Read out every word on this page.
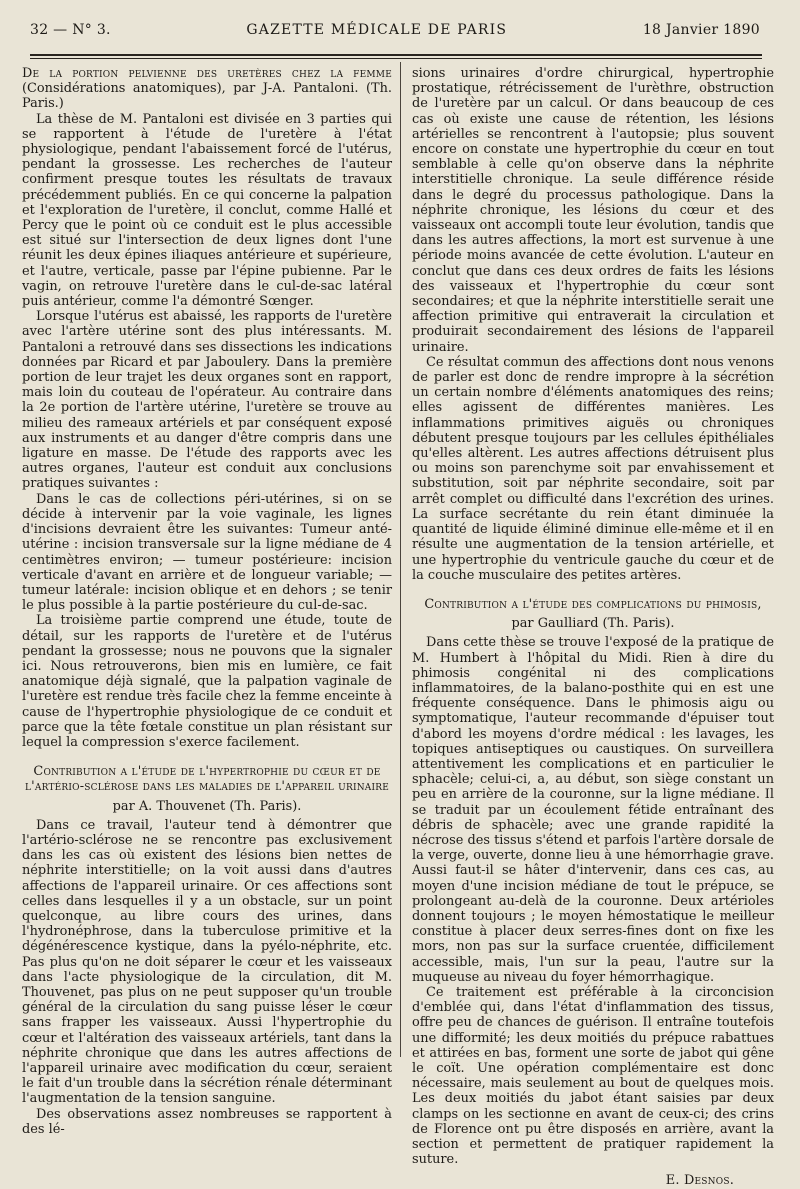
32 — N° 3.	GAZETTE MÉDICALE DE PARIS	18 Janvier 1890

De la portion pelvienne des uretères chez la femme (Considérations anatomiques), par J-A. Pantaloni. (Th. Paris.)

La thèse de M. Pantaloni est divisée en 3 parties qui se rapportent à l'étude de l'uretère à l'état physiologique, pendant l'abaissement forcé de l'utérus, pendant la grossesse. Les recherches de l'auteur confirment presque toutes les résultats de travaux précédemment publiés. En ce qui concerne la palpation et l'exploration de l'uretère, il conclut, comme Hallé et Percy que le point où ce conduit est le plus accessible est situé sur l'intersection de deux lignes dont l'une réunit les deux épines iliaques antérieure et supérieure, et l'autre, verticale, passe par l'épine pubienne. Par le vagin, on retrouve l'uretère dans le cul-de-sac latéral puis antérieur, comme l'a démontré Sœnger.

Lorsque l'utérus est abaissé, les rapports de l'uretère avec l'artère utérine sont des plus intéressants. M. Pantaloni a retrouvé dans ses dissections les indications données par Ricard et par Jaboulery. Dans la première portion de leur trajet les deux organes sont en rapport, mais loin du couteau de l'opérateur. Au contraire dans la 2e portion de l'artère utérine, l'uretère se trouve au milieu des rameaux artériels et par conséquent exposé aux instruments et au danger d'être compris dans une ligature en masse. De l'étude des rapports avec les autres organes, l'auteur est conduit aux conclusions pratiques suivantes :

Dans le cas de collections péri-utérines, si on se décide à intervenir par la voie vaginale, les lignes d'incisions devraient être les suivantes: Tumeur anté-utérine : incision transversale sur la ligne médiane de 4 centimètres environ; — tumeur postérieure: incision verticale d'avant en arrière et de longueur variable; — tumeur latérale: incision oblique et en dehors ; se tenir le plus possible à la partie postérieure du cul-de-sac.

La troisième partie comprend une étude, toute de détail, sur les rapports de l'uretère et de l'utérus pendant la grossesse; nous ne pouvons que la signaler ici. Nous retrouverons, bien mis en lumière, ce fait anatomique déjà signalé, que la palpation vaginale de l'uretère est rendue très facile chez la femme enceinte à cause de l'hypertrophie physiologique de ce conduit et parce que la tête fœtale constitue un plan résistant sur lequel la compression s'exerce facilement.

Contribution a l'étude de l'hypertrophie du cœur et de l'artério-sclérose dans les maladies de l'appareil urinaire

par A. Thouvenet (Th. Paris).

Dans ce travail, l'auteur tend à démontrer que l'artério-sclérose ne se rencontre pas exclusivement dans les cas où existent des lésions bien nettes de néphrite interstitielle; on la voit aussi dans d'autres affections de l'appareil urinaire. Or ces affections sont celles dans lesquelles il y a un obstacle, sur un point quelconque, au libre cours des urines, dans l'hydronéphrose, dans la tuberculose primitive et la dégénérescence kystique, dans la pyélo-néphrite, etc. Pas plus qu'on ne doit séparer le cœur et les vaisseaux dans l'acte physiologique de la circulation, dit M. Thouvenet, pas plus on ne peut supposer qu'un trouble général de la circulation du sang puisse léser le cœur sans frapper les vaisseaux. Aussi l'hypertrophie du cœur et l'altération des vaisseaux artériels, tant dans la néphrite chronique que dans les autres affections de l'appareil urinaire avec modification du cœur, seraient le fait d'un trouble dans la sécrétion rénale déterminant l'augmentation de la tension sanguine.

Des observations assez nombreuses se rapportent à des lé-

sions urinaires d'ordre chirurgical, hypertrophie prostatique, rétrécissement de l'urèthre, obstruction de l'uretère par un calcul. Or dans beaucoup de ces cas où existe une cause de rétention, les lésions artérielles se rencontrent à l'autopsie; plus souvent encore on constate une hypertrophie du cœur en tout semblable à celle qu'on observe dans la néphrite interstitielle chronique. La seule différence réside dans le degré du processus pathologique. Dans la néphrite chronique, les lésions du cœur et des vaisseaux ont accompli toute leur évolution, tandis que dans les autres affections, la mort est survenue à une période moins avancée de cette évolution. L'auteur en conclut que dans ces deux ordres de faits les lésions des vaisseaux et l'hypertrophie du cœur sont secondaires; et que la néphrite interstitielle serait une affection primitive qui entraverait la circulation et produirait secondairement des lésions de l'appareil urinaire.

Ce résultat commun des affections dont nous venons de parler est donc de rendre impropre à la sécrétion un certain nombre d'éléments anatomiques des reins; elles agissent de différentes manières. Les inflammations primitives aiguës ou chroniques débutent presque toujours par les cellules épithéliales qu'elles altèrent. Les autres affections détruisent plus ou moins son parenchyme soit par envahissement et substitution, soit par néphrite secondaire, soit par arrêt complet ou difficulté dans l'excrétion des urines. La surface secrétante du rein étant diminuée la quantité de liquide éliminé diminue elle-même et il en résulte une augmentation de la tension artérielle, et une hypertrophie du ventricule gauche du cœur et de la couche musculaire des petites artères.

Contribution a l'étude des complications du phimosis,

par Gaulliard (Th. Paris).

Dans cette thèse se trouve l'exposé de la pratique de M. Humbert à l'hôpital du Midi. Rien à dire du phimosis congénital ni des complications inflammatoires, de la balano-posthite qui en est une fréquente conséquence. Dans le phimosis aigu ou symptomatique, l'auteur recommande d'épuiser tout d'abord les moyens d'ordre médical : les lavages, les topiques antiseptiques ou caustiques. On surveillera attentivement les complications et en particulier le sphacèle; celui-ci, a, au début, son siège constant un peu en arrière de la couronne, sur la ligne médiane. Il se traduit par un écoulement fétide entraînant des débris de sphacèle; avec une grande rapidité la nécrose des tissus s'étend et parfois l'artère dorsale de la verge, ouverte, donne lieu à une hémorrhagie grave. Aussi faut-il se hâter d'intervenir, dans ces cas, au moyen d'une incision médiane de tout le prépuce, se prolongeant au-delà de la couronne. Deux artérioles donnent toujours ; le moyen hémostatique le meilleur constitue à placer deux serres-fines dont on fixe les mors, non pas sur la surface cruentée, difficilement accessible, mais, l'un sur la peau, l'autre sur la muqueuse au niveau du foyer hémorrhagique.

Ce traitement est préférable à la circoncision d'emblée qui, dans l'état d'inflammation des tissus, offre peu de chances de guérison. Il entraîne toutefois une difformité; les deux moitiés du prépuce rabattues et attirées en bas, forment une sorte de jabot qui gêne le coït. Une opération complémentaire est donc nécessaire, mais seulement au bout de quelques mois. Les deux moitiés du jabot étant saisies par deux clamps on les sectionne en avant de ceux-ci; des crins de Florence ont pu être disposés en arrière, avant la section et permettent de pratiquer rapidement la suture.

E. Desnos.
